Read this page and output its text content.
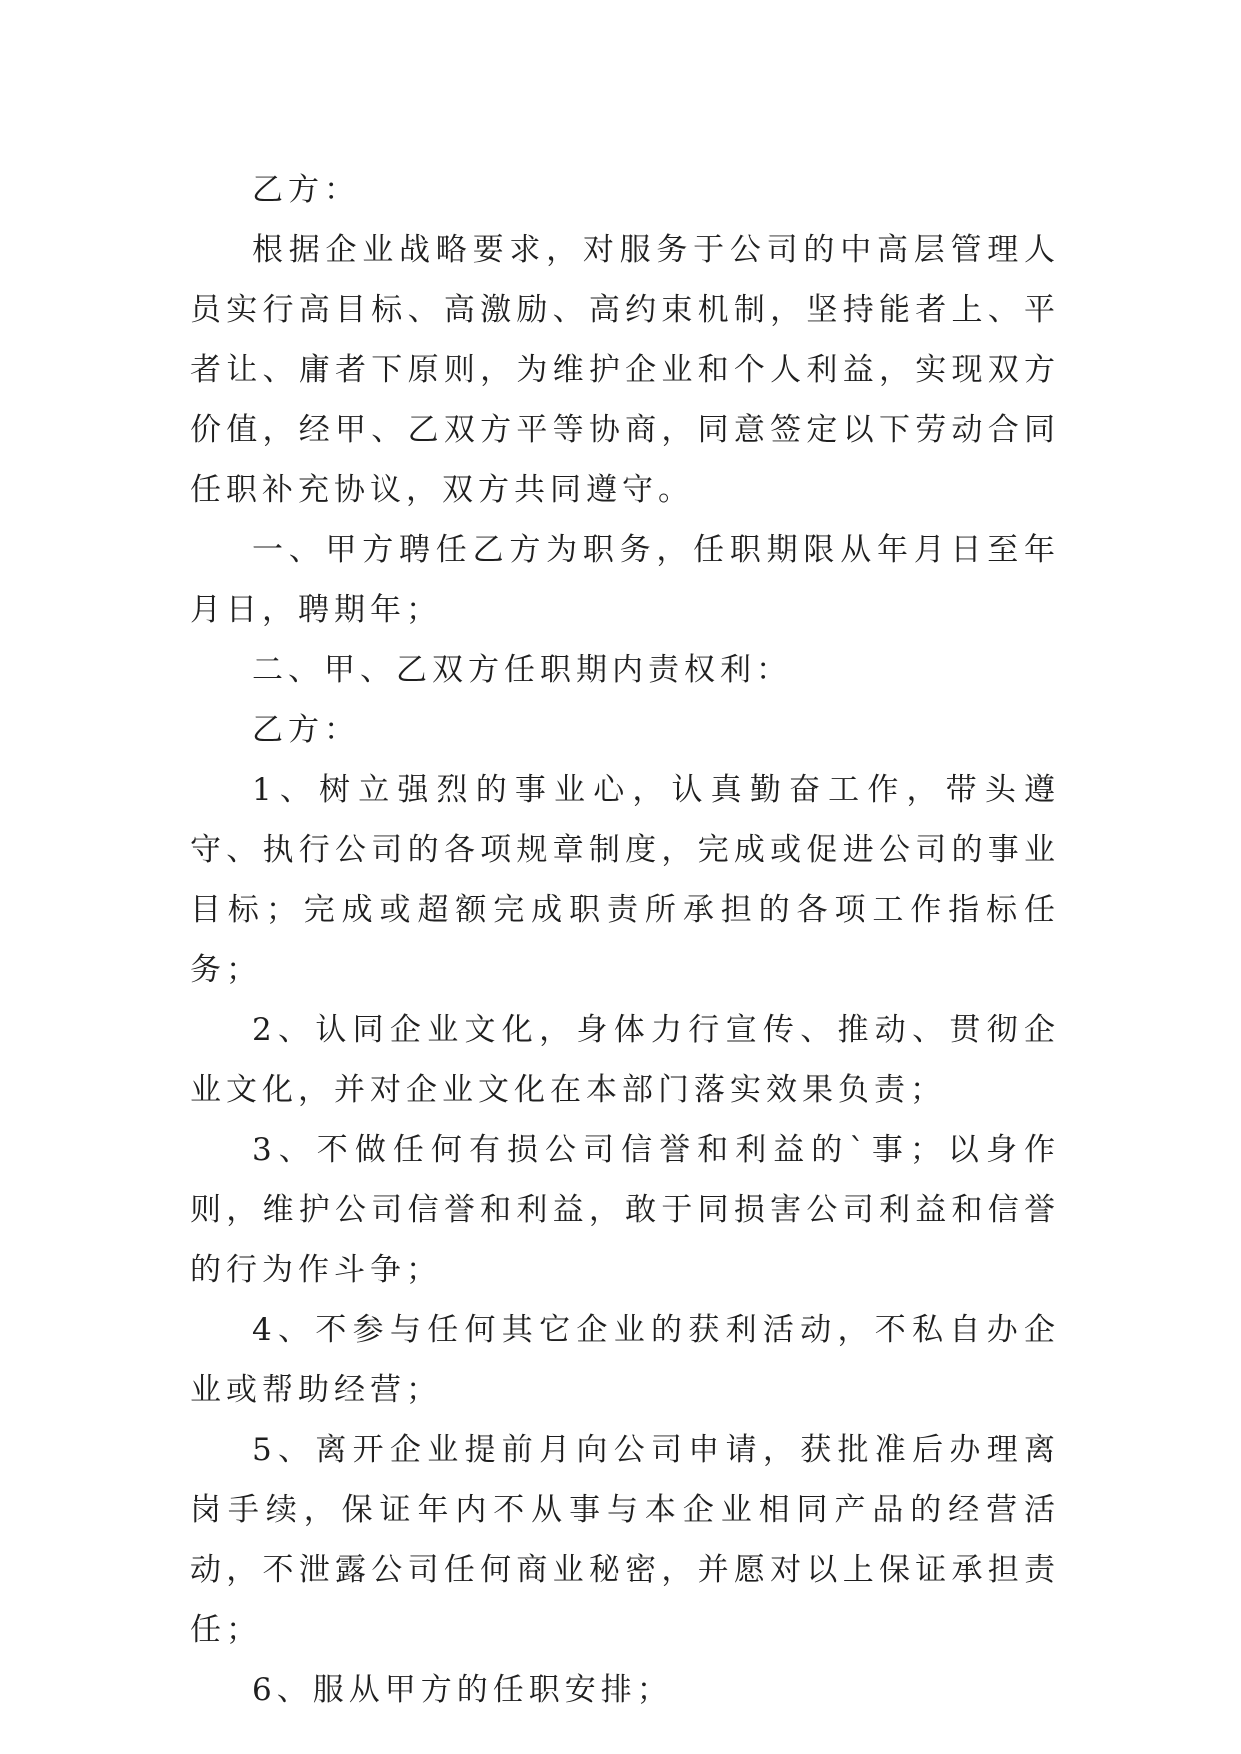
乙方：

根据企业战略要求，对服务于公司的中高层管理人员实行高目标、高激励、高约束机制，坚持能者上、平者让、庸者下原则，为维护企业和个人利益，实现双方价值，经甲、乙双方平等协商，同意签定以下劳动合同任职补充协议，双方共同遵守。

一、甲方聘任乙方为职务，任职期限从年月日至年月日，聘期年；

二、甲、乙双方任职期内责权利：

乙方：

1、树立强烈的事业心，认真勤奋工作，带头遵守、执行公司的各项规章制度，完成或促进公司的事业目标；完成或超额完成职责所承担的各项工作指标任务；

2、认同企业文化，身体力行宣传、推动、贯彻企业文化，并对企业文化在本部门落实效果负责；

3、不做任何有损公司信誉和利益的`事；以身作则，维护公司信誉和利益，敢于同损害公司利益和信誉的行为作斗争；

4、不参与任何其它企业的获利活动，不私自办企业或帮助经营；

5、离开企业提前月向公司申请，获批准后办理离岗手续，保证年内不从事与本企业相同产品的经营活动，不泄露公司任何商业秘密，并愿对以上保证承担责任；

6、服从甲方的任职安排；
